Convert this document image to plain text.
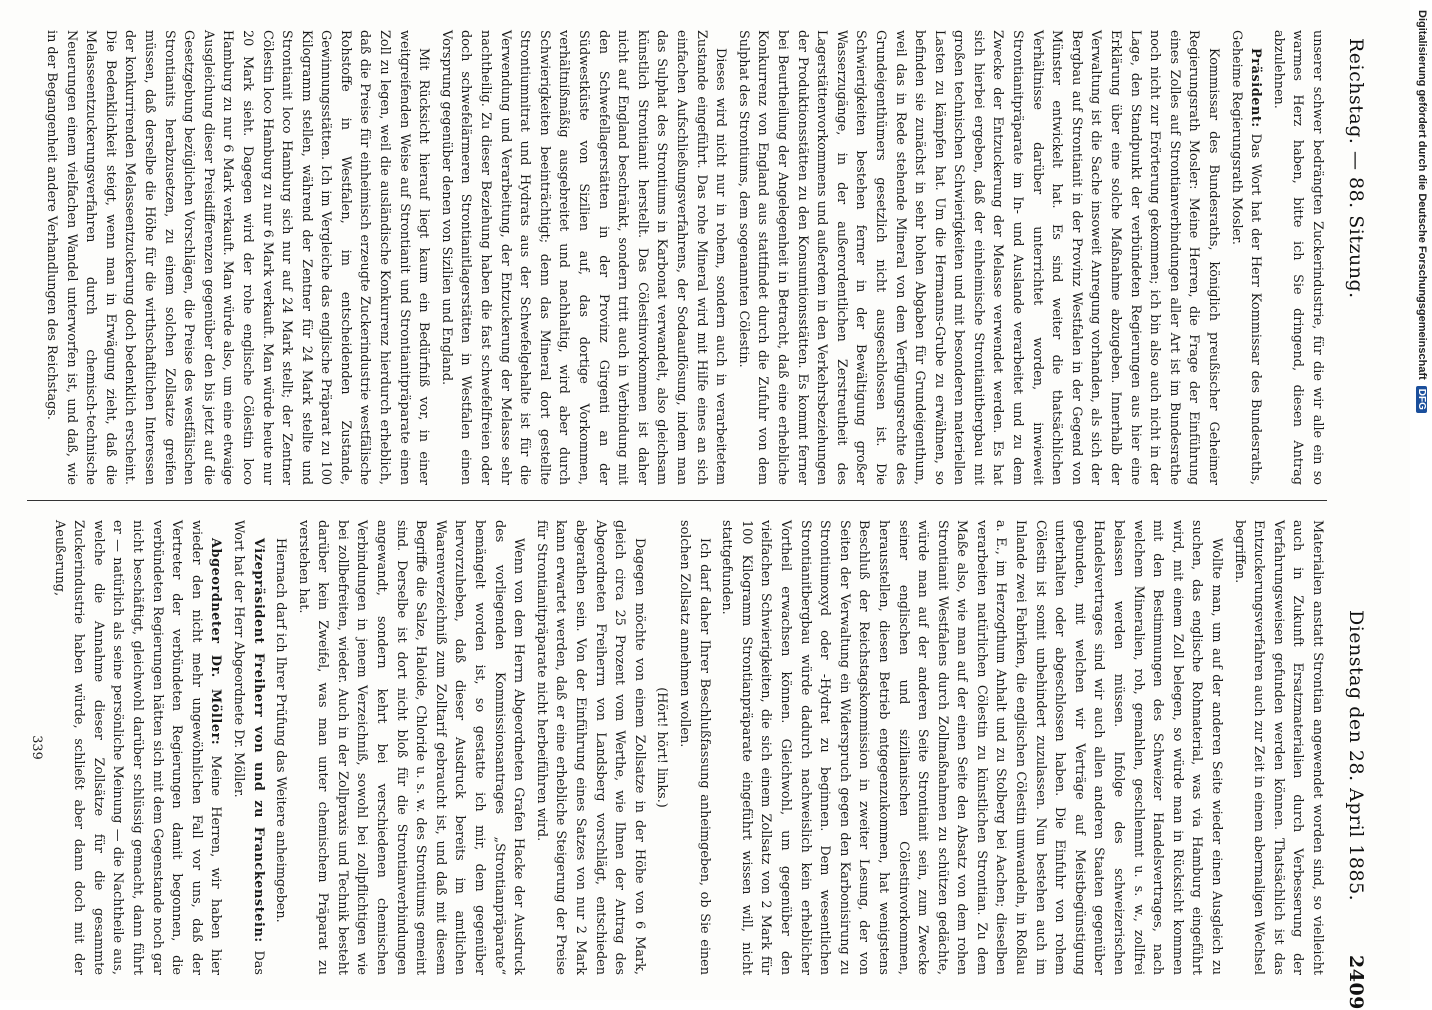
Reichstag. — 88. Sitzung.
Dienstag den 28. April 1885.
2409

unserer schwer bedrängten Zuckerindustrie, für die wir alle ein so warmes Herz haben, bitte ich Sie dringend, diesen Antrag abzulehnen.

Präsident: Das Wort hat der Herr Kommissar des Bundesraths, Geheime Regierungsrath Mosler.

Kommissar des Bundesraths, königlich preußischer Geheimer Regierungsrath Mosler: Meine Herren, die Frage der Einführung eines Zolles auf Strontianverbindungen aller Art ist im Bundesrathe noch nicht zur Erörterung gekommen; ich bin also auch nicht in der Lage, den Standpunkt der verbündeten Regierungen aus hier eine Erklärung über eine solche Maßnahme abzugeben. Innerhalb der Verwaltung ist die Sache insoweit Anregung vorhanden, als sich der Bergbau auf Strontianit in der Provinz Westfalen in der Gegend von Münster entwickelt hat. Es sind weiter die thatsächlichen Verhältnisse darüber unterrichtet worden, inwieweit Strontianitpräparate im In- und Auslande verarbeitet und zu dem Zwecke der Entzuckerung der Melasse verwendet werden. Es hat sich hierbei ergeben, daß der einheimische Strontianitbergbau mit großen technischen Schwierigkeiten und mit besonderen materiellen Lasten zu kämpfen hat. Um die Hermanns-Grube zu erwähnen, so befinden sie zunächst in sehr hohen Abgaben für Grundeigenthum, weil das in Rede stehende Mineral von dem Verfügungsrechte des Grundeigenthümers gesetzlich nicht ausgeschlossen ist. Die Schwierigkeiten bestehen ferner in der Bewältigung großer Wasserzugänge, in der außerordentlichen Zerstreutheit des Lagerstättenvorkommens und außerdem in den Verkehrsbeziehungen der Produktionsstätten zu den Konsumtionsstätten. Es kommt ferner bei Beurtheilung der Angelegenheit in Betracht, daß eine erhebliche Konkurrenz von England aus stattfindet durch die Zufuhr von dem Sulphat des Strontiums, dem sogenannten Cölestin.

Dieses wird nicht nur in rohem, sondern auch in verarbeitetem Zustande eingeführt. Das rohe Mineral wird mit Hilfe eines an sich einfachen Aufschließungsverfahrens, der Sodaauflösung, indem man das Sulphat des Strontiums in Karbonat verwandelt, also gleichsam künstlich Strontianit herstellt. Das Cölestinvorkommen ist daher nicht auf England beschränkt, sondern tritt auch in Verbindung mit den Schwefellagerstätten in der Provinz Girgenti an der Südwestküste von Sizilien auf, das dortige Vorkommen, verhältnißmäßig ausgebreitet und nachhaltig, wird aber durch Schwierigkeiten beeinträchtigt; denn das Mineral dort gestellte Strontiumnitrat und Hydrats aus der Schwefelgehalte ist für die Verwendung und Verarbeitung, der Entzuckerung der Melasse sehr nachtheilig. Zu dieser Beziehung haben die fast schwefelfreien oder doch schwefelärmeren Strontianitlagerstätten in Westfalen einen Vorsprung gegenüber denen von Sizilien und England.

Mit Rücksicht hierauf liegt kaum ein Bedürfniß vor, in einer weitgreifenden Weise auf Strontianit und Strontianitpräparate einen Zoll zu legen, weil die ausländische Konkurrenz hierdurch erheblich, daß die Preise für einheimisch erzeugte Zuckerindustrie westfälische Rohstoffe in Westfalen, im entscheidenden Zustande, Gewinnungsstätten. Ich im Vergleiche das englische Präparat zu 100 Kilogramm stellen, während der Zentner für 24 Mark stellte und Strontianit loco Hamburg sich nur auf 24 Mark stellt; der Zentner Cölestin loco Hamburg zu nur 6 Mark verkauft. Man würde heute nur 20 Mark sieht. Dagegen wird der rohe englische Cölestin loco Hamburg zu nur 6 Mark verkauft. Man würde also, um eine etwaige Ausgleichung dieser Preisdifferenzen gegenüber den bis jetzt auf die Gesetzgebung bezüglichen Vorschlägen, die Preise des westfälischen Strontianits herabzusetzen, zu einem solchen Zollsatze greifen müssen, daß derselbe die Höhe für die wirthschaftlichen Interessen der konkurrirenden Melasseentzuckerung doch bedenklich erscheint. Die Bedenklichkeit steigt, wenn man in Erwägung zieht, daß die Melasseentzuckerungsverfahren durch chemisch-technische Neuerungen einem vielfachen Wandel unterworfen ist, und daß, wie in der Begangenheit andere Verhandlungen des Reichstags.

Materialien anstatt Strontian angewendet worden sind, so vielleicht auch in Zukunft Ersatzmaterialien durch Verbesserung der Verfahrungsweisen gefunden werden können. Thatsächlich ist das Entzuckerungsverfahren auch zur Zeit in einem abermaligen Wechsel begriffen.

Wollte man, um auf der anderen Seite wieder einen Ausgleich zu suchen, das englische Rohmaterial, was via Hamburg eingeführt wird, mit einem Zoll belegen, so würde man in Rücksicht kommen mit den Bestimmungen des Schweizer Handelsvertrages, nach welchem Mineralien, roh, gemahlen, geschlemmt u. s. w., zollfrei belassen werden müssen. Infolge des schweizerischen Handelsvertrages sind wir auch allen anderen Staaten gegenüber gebunden, mit welchen wir Verträge auf Meistbegünstigung unterhalten oder abgeschlossen haben. Die Einfuhr von rohem Cölestin ist somit unbehindert zuzulassen. Nun bestehen auch im Inlande zwei Fabriken, die englischen Cölestin umwandeln, in Roßlau a. E., im Herzogthum Anhalt und zu Stolberg bei Aachen; dieselben verarbeiten natürlichen Cölestin zu künstlichen Strontian. Zu dem Maße also, wie man auf der einen Seite den Absatz von dem rohen Strontianit Westfalens durch Zollmaßnahmen zu schützen gedächte, würde man auf der anderen Seite Strontianit sein, zum Zwecke seiner englischen und sizilianischen Cölestinvorkommen, herausstellen, diesen Betrieb entgegenzukommen, hat wenigstens Beschluß der Reichstagskommission in zweiter Lesung, der von Seiten der Verwaltung ein Widerspruch gegen den Karbonisirung zu Strontiumoxyd oder -Hydrat zu beginnen. Dem wesentlichen Strontianitbergbau würde dadurch nachweislich kein erheblicher Vortheil erwachsen können. Gleichwohl, um gegenüber den vielfachen Schwierigkeiten, die sich einem Zollsatz von 2 Mark für 100 Kilogramm Strontianpräparate eingeführt wissen will, nicht stattgefunden.

Ich darf daher Ihrer Beschlußfassung anheimgeben, ob Sie einen solchen Zollsatz annehmen wollen.

(Hört! hört! links.)

Dagegen möchte von einem Zollsatze in der Höhe von 6 Mark, gleich circa 25 Prozent vom Werthe, wie Ihnen der Antrag des Abgeordneten Freiherrn von Landsberg vorschlägt, entschieden abgerathen sein. Von der Einführung eines Satzes von nur 2 Mark kann erwartet werden, daß er eine erhebliche Steigerung der Preise für Strontianitpräparate nicht herbeiführen wird.

Wenn von dem Herrn Abgeordneten Grafen Hacke der Ausdruck des vorliegenden Kommissionsantrages „Strontianpräparate“ bemängelt worden ist, so gestatte ich mir, dem gegenüber hervorzuheben, daß dieser Ausdruck bereits im amtlichen Waarenverzeichniß zum Zolltarif gebraucht ist, und daß mit diesem Begriffe die Salze, Haloide, Chloride u. s. w. des Strontiums gemeint sind. Derselbe ist dort nicht bloß für die Strontianverbindungen angewandt, sondern kehrt bei verschiedenen chemischen Verbindungen in jenem Verzeichniß, sowohl bei zollpflichtigen wie bei zollbefreiten, wieder. Auch in der Zollpraxis und Technik besteht darüber kein Zweifel, was man unter chemischem Präparat zu verstehen hat.

Hiernach darf ich Ihrer Prüfung das Weitere anheimgeben.

Vizepräsident Freiherr von und zu Franckenstein: Das Wort hat der Herr Abgeordnete Dr. Möller.

Abgeordneter Dr. Möller: Meine Herren, wir haben hier wieder den nicht mehr ungewöhnlichen Fall vor uns, daß der Vertreter der verbündeten Regierungen damit begonnen, die verbündeten Regierungen hätten sich mit dem Gegenstande noch gar nicht beschäftigt, gleichwohl darüber schlüssig gemacht, dann führt er — natürlich als seine persönliche Meinung — die Nachtheile aus, welche die Annahme dieser Zollsätze für die gesammte Zuckerindustrie haben würde, schließt aber dann doch mit der Aeußerung,

339

Digitalisierung gefördert durch die Deutsche ForschungsgemeinschaftDFG
